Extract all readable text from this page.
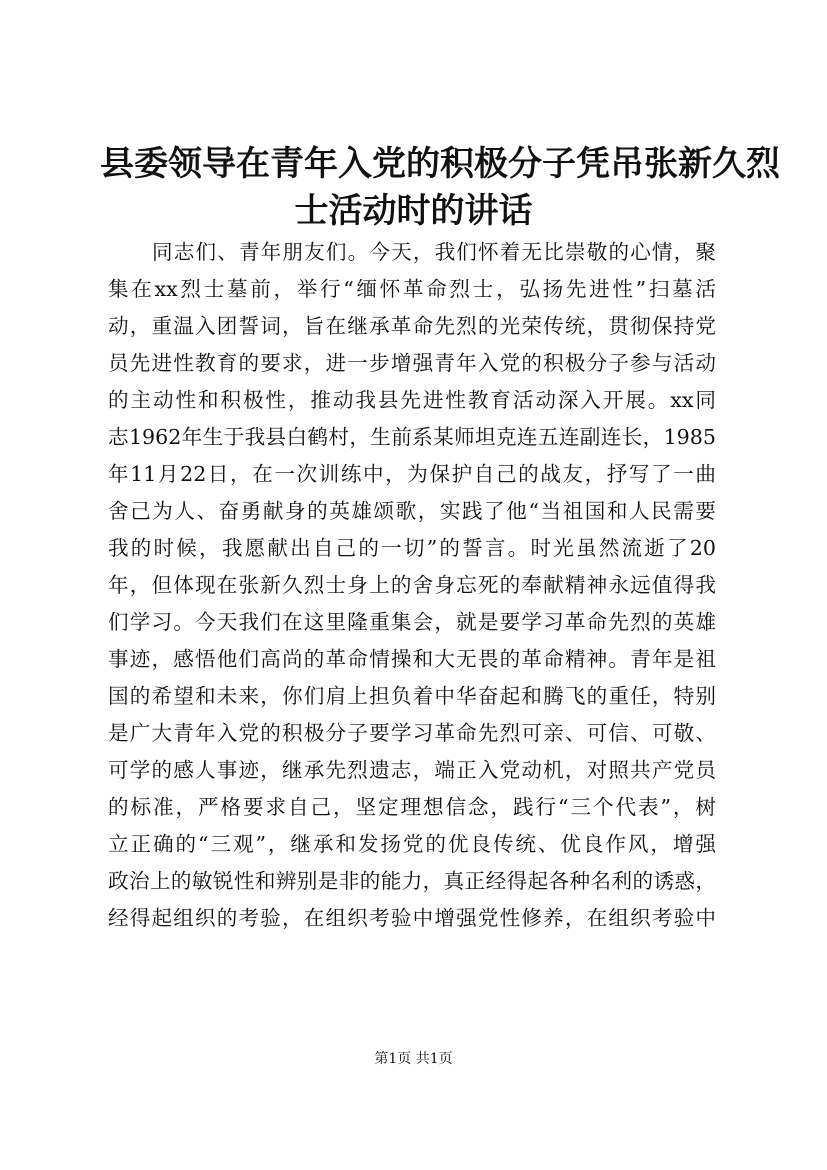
县委领导在青年入党的积极分子凭吊张新久烈
士活动时的讲话
同志们、青年朋友们。今天，我们怀着无比崇敬的心情，聚
集在xx烈士墓前，举行“缅怀革命烈士，弘扬先进性”扫墓活
动，重温入团誓词，旨在继承革命先烈的光荣传统，贯彻保持党
员先进性教育的要求，进一步增强青年入党的积极分子参与活动
的主动性和积极性，推动我县先进性教育活动深入开展。xx同
志1962年生于我县白鹤村，生前系某师坦克连五连副连长，1985
年11月22日，在一次训练中，为保护自己的战友，抒写了一曲
舍己为人、奋勇献身的英雄颂歌，实践了他“当祖国和人民需要
我的时候，我愿献出自己的一切”的誓言。时光虽然流逝了20
年，但体现在张新久烈士身上的舍身忘死的奉献精神永远值得我
们学习。今天我们在这里隆重集会，就是要学习革命先烈的英雄
事迹，感悟他们高尚的革命情操和大无畏的革命精神。青年是祖
国的希望和未来，你们肩上担负着中华奋起和腾飞的重任，特别
是广大青年入党的积极分子要学习革命先烈可亲、可信、可敬、
可学的感人事迹，继承先烈遗志，端正入党动机，对照共产党员
的标准，严格要求自己，坚定理想信念，践行“三个代表”，树
立正确的“三观”，继承和发扬党的优良传统、优良作风，增强
政治上的敏锐性和辨别是非的能力，真正经得起各种名利的诱惑，
经得起组织的考验，在组织考验中增强党性修养，在组织考验中
第1页 共1页
